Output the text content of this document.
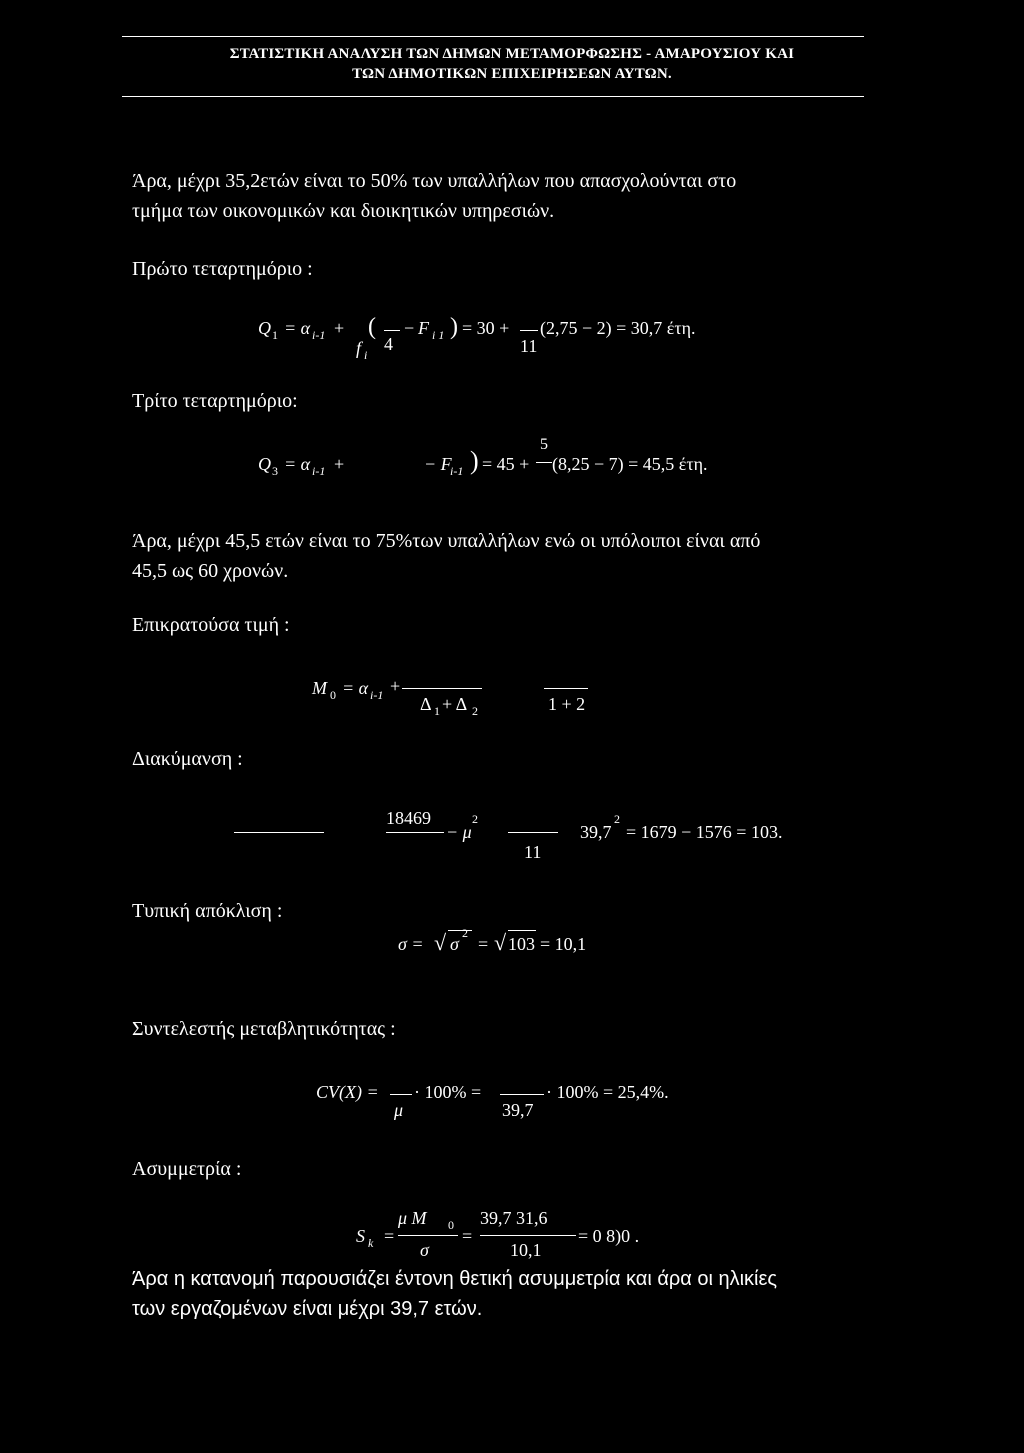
ΣΤΑΤΙΣΤΙΚΗ ΑΝΑΛΥΣΗ ΤΩΝ ΔΗΜΩΝ ΜΕΤΑΜΟΡΦΩΣΗΣ - ΑΜΑΡΟΥΣΙΟΥ ΚΑΙ
ΤΩΝ ΔΗΜΟΤΙΚΩΝ ΕΠΙΧΕΙΡΗΣΕΩΝ ΑΥΤΩΝ.
Άρα, μέχρι 35,2ετών είναι το 50% των υπαλλήλων που απασχολούνται στο
τμήμα των οικονομικών και διοικητικών υπηρεσιών.
Πρώτο τεταρτημόριο :
Q 1 = α i-1 +
f i
(
4
− F i 1 ) = 30 +
11
(2,75 − 2) = 30,7 έτη.
Τρίτο τεταρτημόριο:
Q 3 = α i-1 +	− F
i-1 ) = 45 +
5
(8,25 − 7) = 45,5 έτη.
Άρα, μέχρι 45,5 ετών είναι το 75%των υπαλλήλων ενώ οι υπόλοιποι είναι από
45,5 ως 60 χρονών.
Επικρατούσα τιμή :
M 0 = α i-1 +
Δ 1 + Δ 2	1 + 2
Διακύμανση :
18469
− μ
2
11
39,7
2
= 1679 − 1576 = 103.
Τυπική απόκλιση :
σ = √ σ
2
= √ 103 = 10,1
Συντελεστής μεταβλητικότητας :
CV(X) =
μ
· 100% =
39,7
· 100% = 25,4%.
Ασυμμετρία :
S k =
μ M 0
σ
=
39,7 31,6
10,1
= 0 8)0 .
Άρα η κατανομή παρουσιάζει έντονη θετική ασυμμετρία και άρα οι ηλικίες
των εργαζομένων είναι μέχρι 39,7 ετών.
